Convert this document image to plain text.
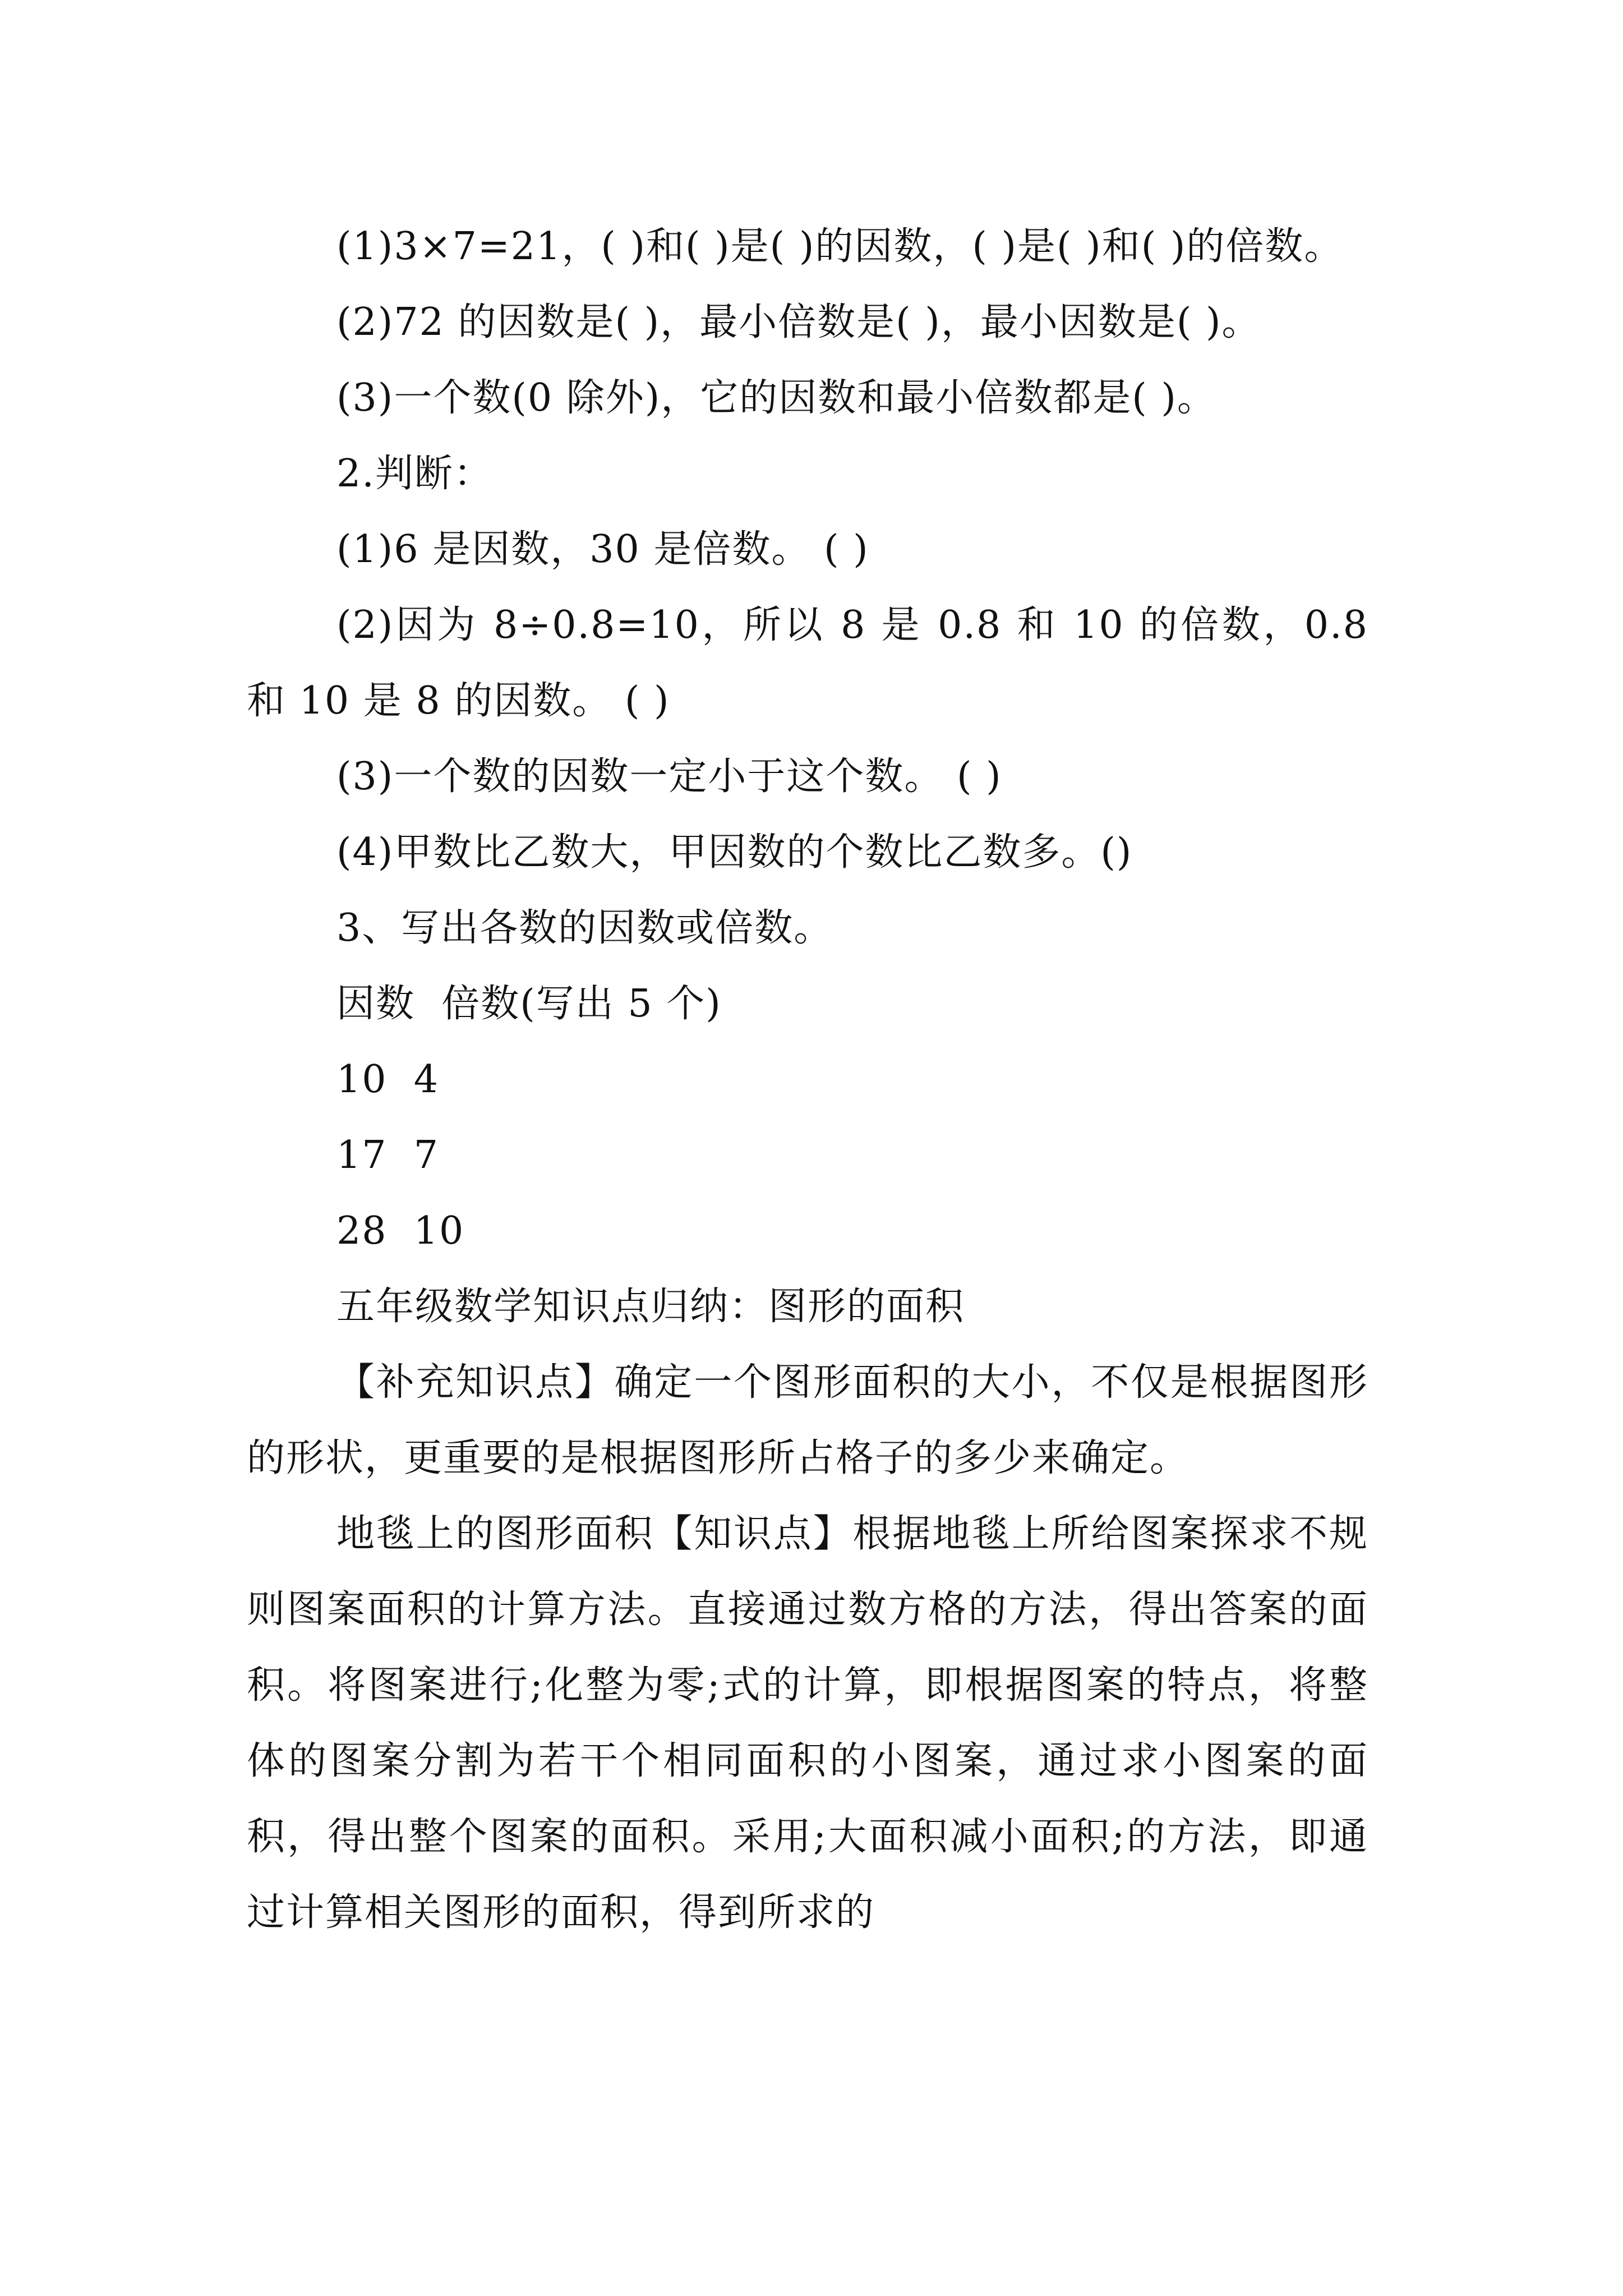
(1)3×7=21，( )和( )是( )的因数，( )是( )和( )的倍数。

(2)72 的因数是( )，最小倍数是( )，最小因数是( )。

(3)一个数(0 除外)，它的因数和最小倍数都是( )。

2.判断：

(1)6 是因数，30 是倍数。 ( )

(2)因为 8÷0.8=10，所以 8 是 0.8 和 10 的倍数，0.8 和 10 是 8 的因数。 ( )

(3)一个数的因数一定小于这个数。 ( )

(4)甲数比乙数大，甲因数的个数比乙数多。()

3、写出各数的因数或倍数。

因数  倍数(写出 5 个)

10  4

17  7

28  10

五年级数学知识点归纳：图形的面积

【补充知识点】确定一个图形面积的大小，不仅是根据图形的形状，更重要的是根据图形所占格子的多少来确定。

地毯上的图形面积【知识点】根据地毯上所给图案探求不规则图案面积的计算方法。直接通过数方格的方法，得出答案的面积。将图案进行;化整为零;式的计算，即根据图案的特点，将整体的图案分割为若干个相同面积的小图案，通过求小图案的面积，得出整个图案的面积。采用;大面积减小面积;的方法，即通过计算相关图形的面积，得到所求的
